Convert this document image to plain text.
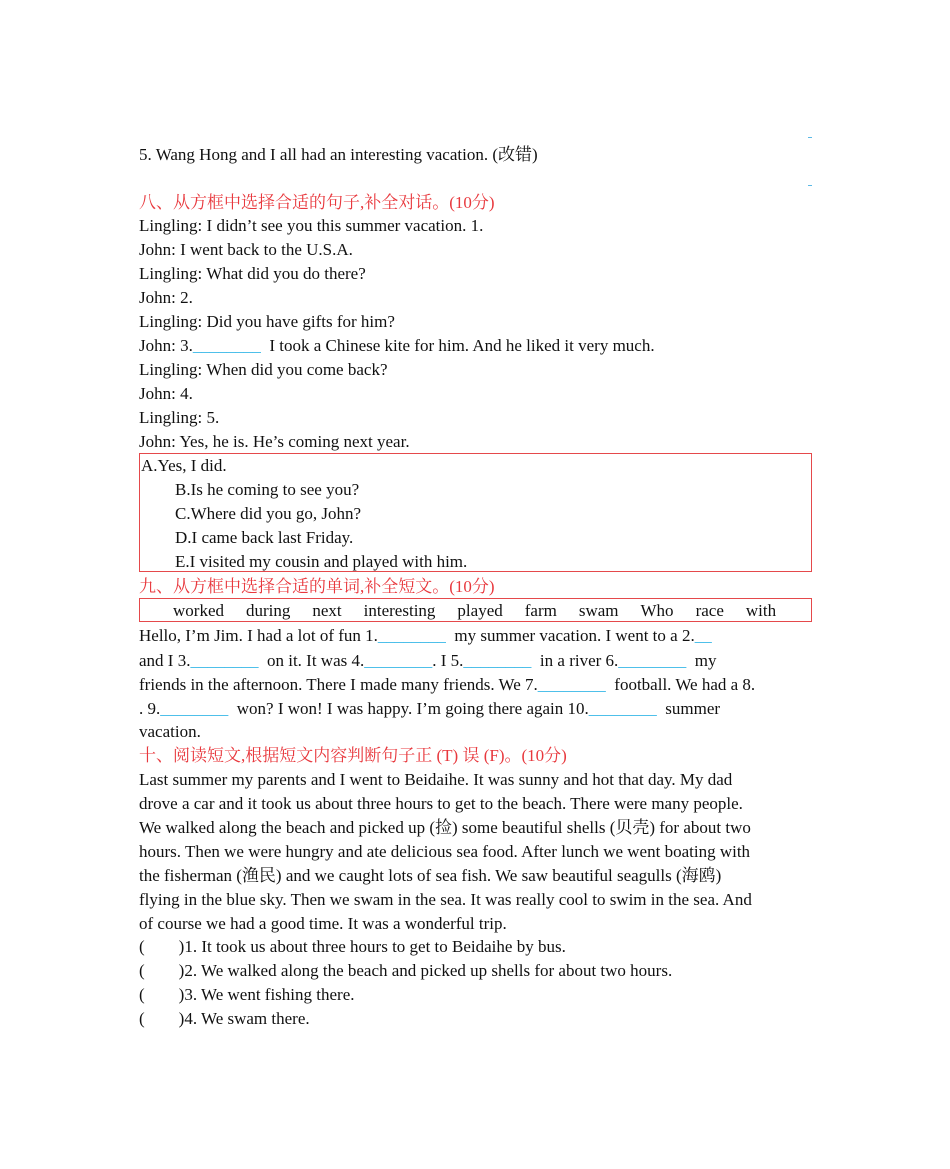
5. Wang Hong and I all had an interesting vacation. (改错)
八、从方框中选择合适的句子,补全对话。(10分)
Lingling: I didn’t see you this summer vacation. 1.
John: I went back to the U.S.A.
Lingling: What did you do there?
John: 2.
Lingling: Did you have gifts for him?
John: 3.________  I took a Chinese kite for him. And he liked it very much.
Lingling: When did you come back?
John: 4.
Lingling: 5.
John: Yes, he is. He’s coming next year.
A.Yes, I did.
B.Is he coming to see you?
C.Where did you go, John?
D.I came back last Friday.
E.I visited my cousin and played with him.
九、从方框中选择合适的单词,补全短文。(10分)
worked during next interesting played farm swam Who race with
Hello, I’m Jim. I had a lot of fun 1.________  my summer vacation. I went to a 2.__
and I 3.________  on it. It was 4.________. I 5.________  in a river 6.________  my
friends in the afternoon. There I made many friends. We 7.________  football. We had a 8.
. 9.________  won? I won! I was happy. I’m going there again 10.________  summer
vacation.
十、阅读短文,根据短文内容判断句子正 (T) 误 (F)。(10分)
Last summer my parents and I went to Beidaihe. It was sunny and hot that day. My dad
drove a car and it took us about three hours to get to the beach. There were many people.
We walked along the beach and picked up (捡) some beautiful shells (贝壳) for about two
hours. Then we were hungry and ate delicious sea food. After lunch we went boating with
the fisherman (渔民) and we caught lots of sea fish. We saw beautiful seagulls (海鸥)
flying in the blue sky. Then we swam in the sea. It was really cool to swim in the sea. And
of course we had a good time. It was a wonderful trip.
(        )1. It took us about three hours to get to Beidaihe by bus.
(        )2. We walked along the beach and picked up shells for about two hours.
(        )3. We went fishing there.
(        )4. We swam there.
